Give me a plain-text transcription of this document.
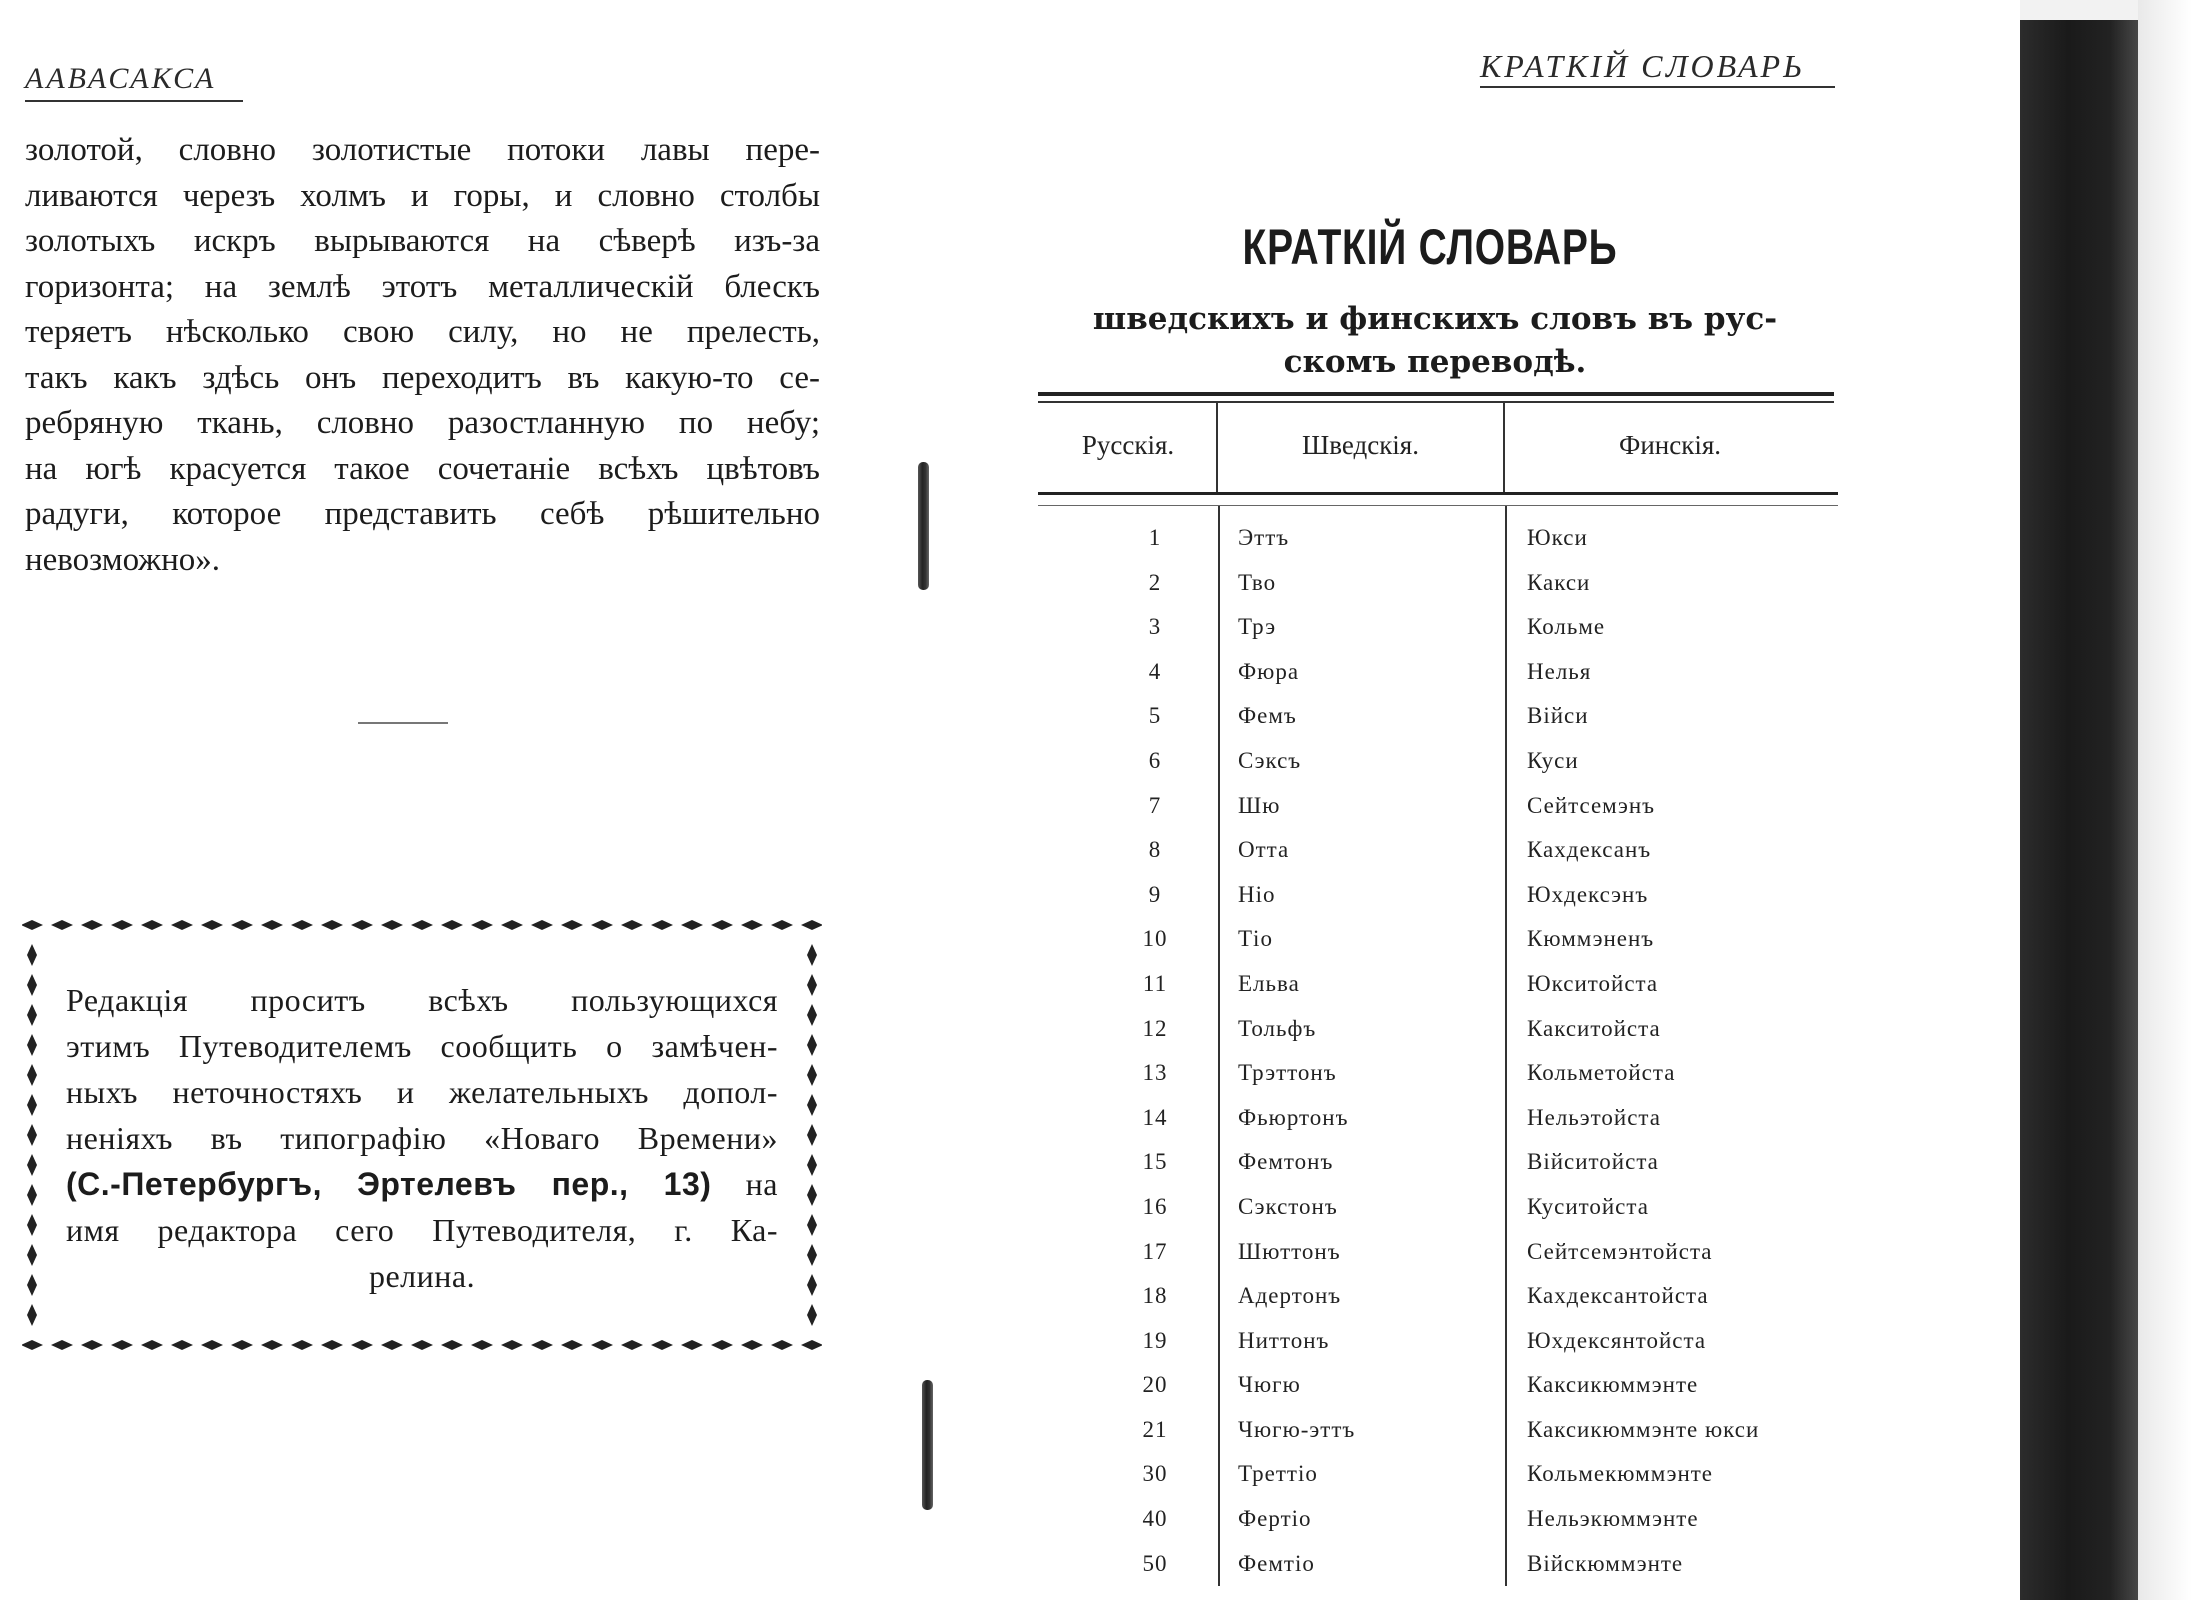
ААВАСАКСА
золотой, словно золотистые потоки лавы пере-
ливаются черезъ холмъ и горы, и словно столбы
золотыхъ искръ вырываются на сѣверѣ изъ-за
горизонта; на землѣ этотъ металлическій блескъ
теряетъ нѣсколько свою силу, но не прелесть,
такъ какъ здѣсь онъ переходитъ въ какую-то се-
ребряную ткань, словно разостланную по небу;
на югѣ красуется такое сочетаніе всѣхъ цвѣтовъ
радуги, которое представить себѣ рѣшительно
невозможно».
Редакція проситъ всѣхъ пользующихся
этимъ Путеводителемъ сообщить о замѣчен-
ныхъ неточностяхъ и желательныхъ допол-
неніяхъ въ типографію «Новаго Времени»
(С.-Петербургъ, Эртелевъ пер., 13) на
имя редактора сего Путеводителя, г. Ка-
релина.
КРАТКІЙ СЛОВАРЬ
КРАТКІЙ СЛОВАРЬ
шведскихъ и финскихъ словъ въ рус-
скомъ переводѣ.
Русскія.	Шведскія.	Финскія.
1	Эттъ	Юкси
2	Тво	Какси
3	Трэ	Кольме
4	Фюра	Нелья
5	Фемъ	Війси
6	Сэксъ	Куси
7	Шю	Сейтсемэнъ
8	Отта	Кахдексанъ
9	Ніо	Юхдексэнъ
10	Тіо	Кюммэненъ
11	Ельва	Юкситойста
12	Тольфъ	Какситойста
13	Трэттонъ	Кольметойста
14	Фьюртонъ	Нельэтойста
15	Фемтонъ	Війситойста
16	Сэкстонъ	Куситойста
17	Шюттонъ	Сейтсемэнтойста
18	Адертонъ	Кахдексантойста
19	Ниттонъ	Юхдексянтойста
20	Чюгю	Каксикюммэнте
21	Чюгю-эттъ	Каксикюммэнте юкси
30	Треттіо	Кольмекюммэнте
40	Фертіо	Нельэкюммэнте
50	Фемтіо	Війскюммэнте
